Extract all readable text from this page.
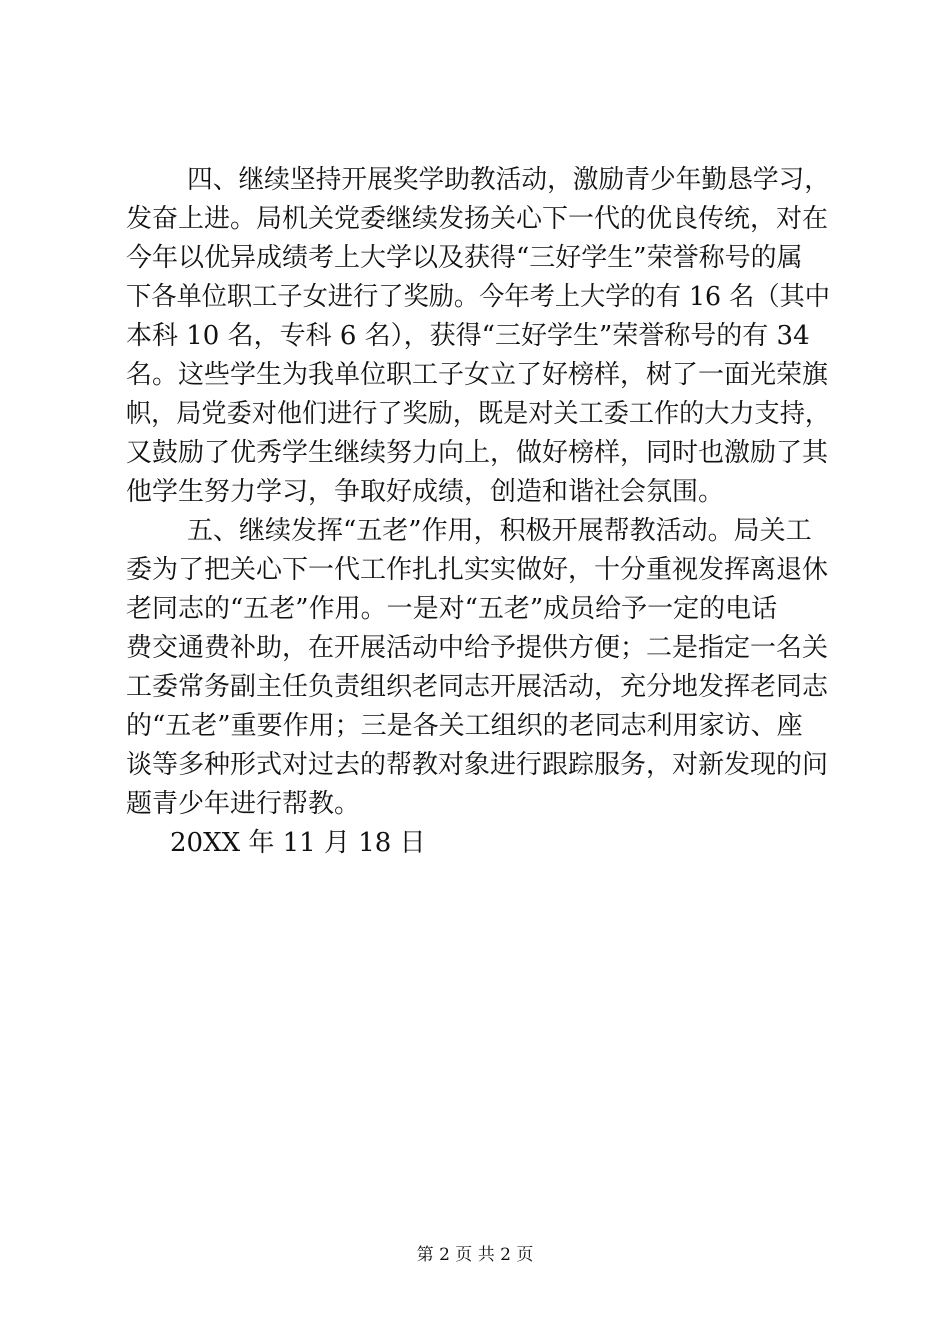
四、继续坚持开展奖学助教活动，激励青少年勤恳学习，
发奋上进。局机关党委继续发扬关心下一代的优良传统，对在
今年以优异成绩考上大学以及获得“三好学生”荣誉称号的属
下各单位职工子女进行了奖励。今年考上大学的有 16 名（其中
本科 10 名，专科 6 名），获得“三好学生”荣誉称号的有 34
名。这些学生为我单位职工子女立了好榜样，树了一面光荣旗
帜，局党委对他们进行了奖励，既是对关工委工作的大力支持，
又鼓励了优秀学生继续努力向上，做好榜样，同时也激励了其
他学生努力学习，争取好成绩，创造和谐社会氛围。
五、继续发挥“五老”作用，积极开展帮教活动。局关工
委为了把关心下一代工作扎扎实实做好，十分重视发挥离退休
老同志的“五老”作用。一是对“五老”成员给予一定的电话
费交通费补助，在开展活动中给予提供方便；二是指定一名关
工委常务副主任负责组织老同志开展活动，充分地发挥老同志
的“五老”重要作用；三是各关工组织的老同志利用家访、座
谈等多种形式对过去的帮教对象进行跟踪服务，对新发现的问
题青少年进行帮教。
20XX 年 11 月 18 日
第 2 页 共 2 页
